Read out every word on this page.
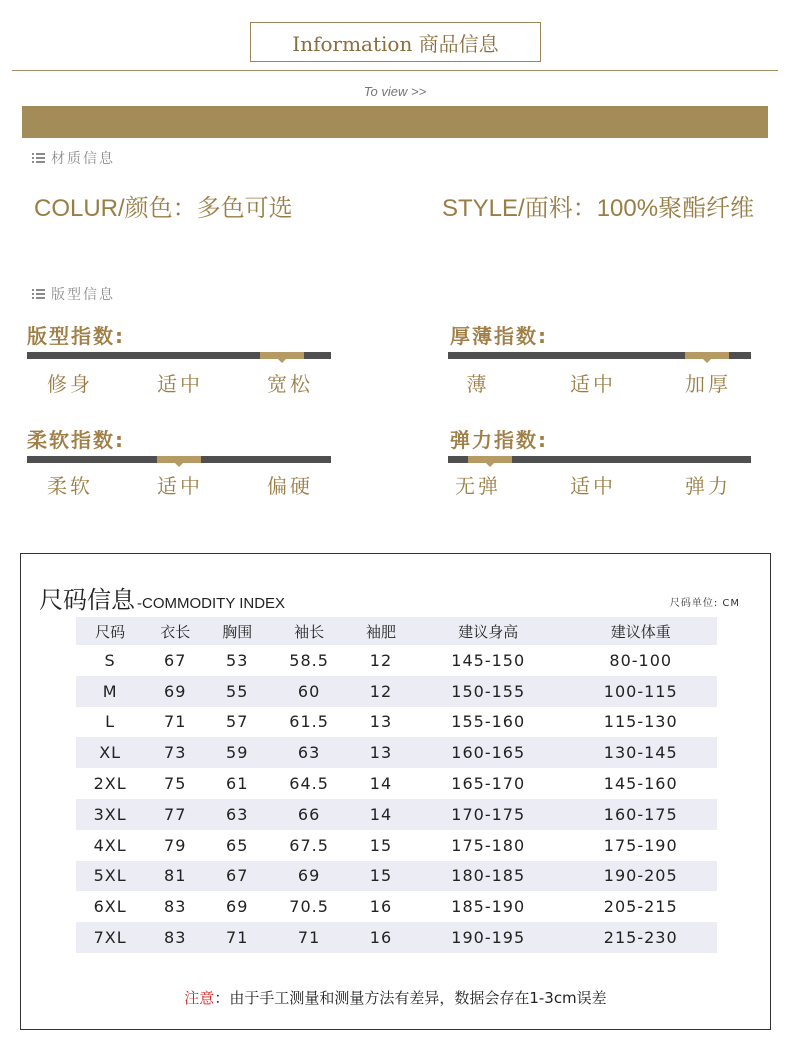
Information 商品信息
To view >>
材质信息
COLUR/颜色：多色可选	STYLE/面料：100%聚酯纤维
版型信息
版型指数:
修身	适中	宽松
厚薄指数:
薄	适中	加厚
柔软指数:
柔软	适中	偏硬
弹力指数:
无弹	适中	弹力
尺码信息 -COMMODITY INDEX	尺码单位: CM
尺码	衣长	胸围	袖长	袖肥	建议身高	建议体重
S	67	53	58.5	12	145-150	80-100
M	69	55	60	12	150-155	100-115
L	71	57	61.5	13	155-160	115-130
XL	73	59	63	13	160-165	130-145
2XL	75	61	64.5	14	165-170	145-160
3XL	77	63	66	14	170-175	160-175
4XL	79	65	67.5	15	175-180	175-190
5XL	81	67	69	15	180-185	190-205
6XL	83	69	70.5	16	185-190	205-215
7XL	83	71	71	16	190-195	215-230
注意：由于手工测量和测量方法有差异，数据会存在1-3cm误差
